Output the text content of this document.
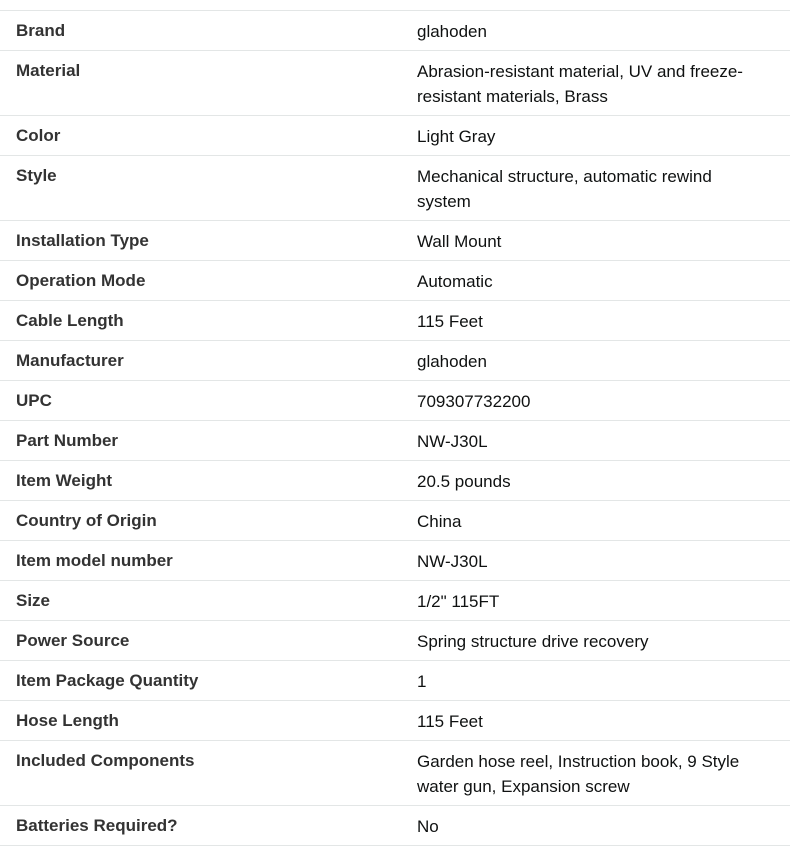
Brand	glahoden
Material	Abrasion-resistant material, UV and freeze-resistant materials, Brass
Color	Light Gray
Style	Mechanical structure, automatic rewind system
Installation Type	Wall Mount
Operation Mode	Automatic
Cable Length	115 Feet
Manufacturer	glahoden
UPC	709307732200
Part Number	NW-J30L
Item Weight	20.5 pounds
Country of Origin	China
Item model number	NW-J30L
Size	1/2" 115FT
Power Source	Spring structure drive recovery
Item Package Quantity	1
Hose Length	115 Feet
Included Components	Garden hose reel, Instruction book, 9 Style water gun, Expansion screw
Batteries Required?	No
